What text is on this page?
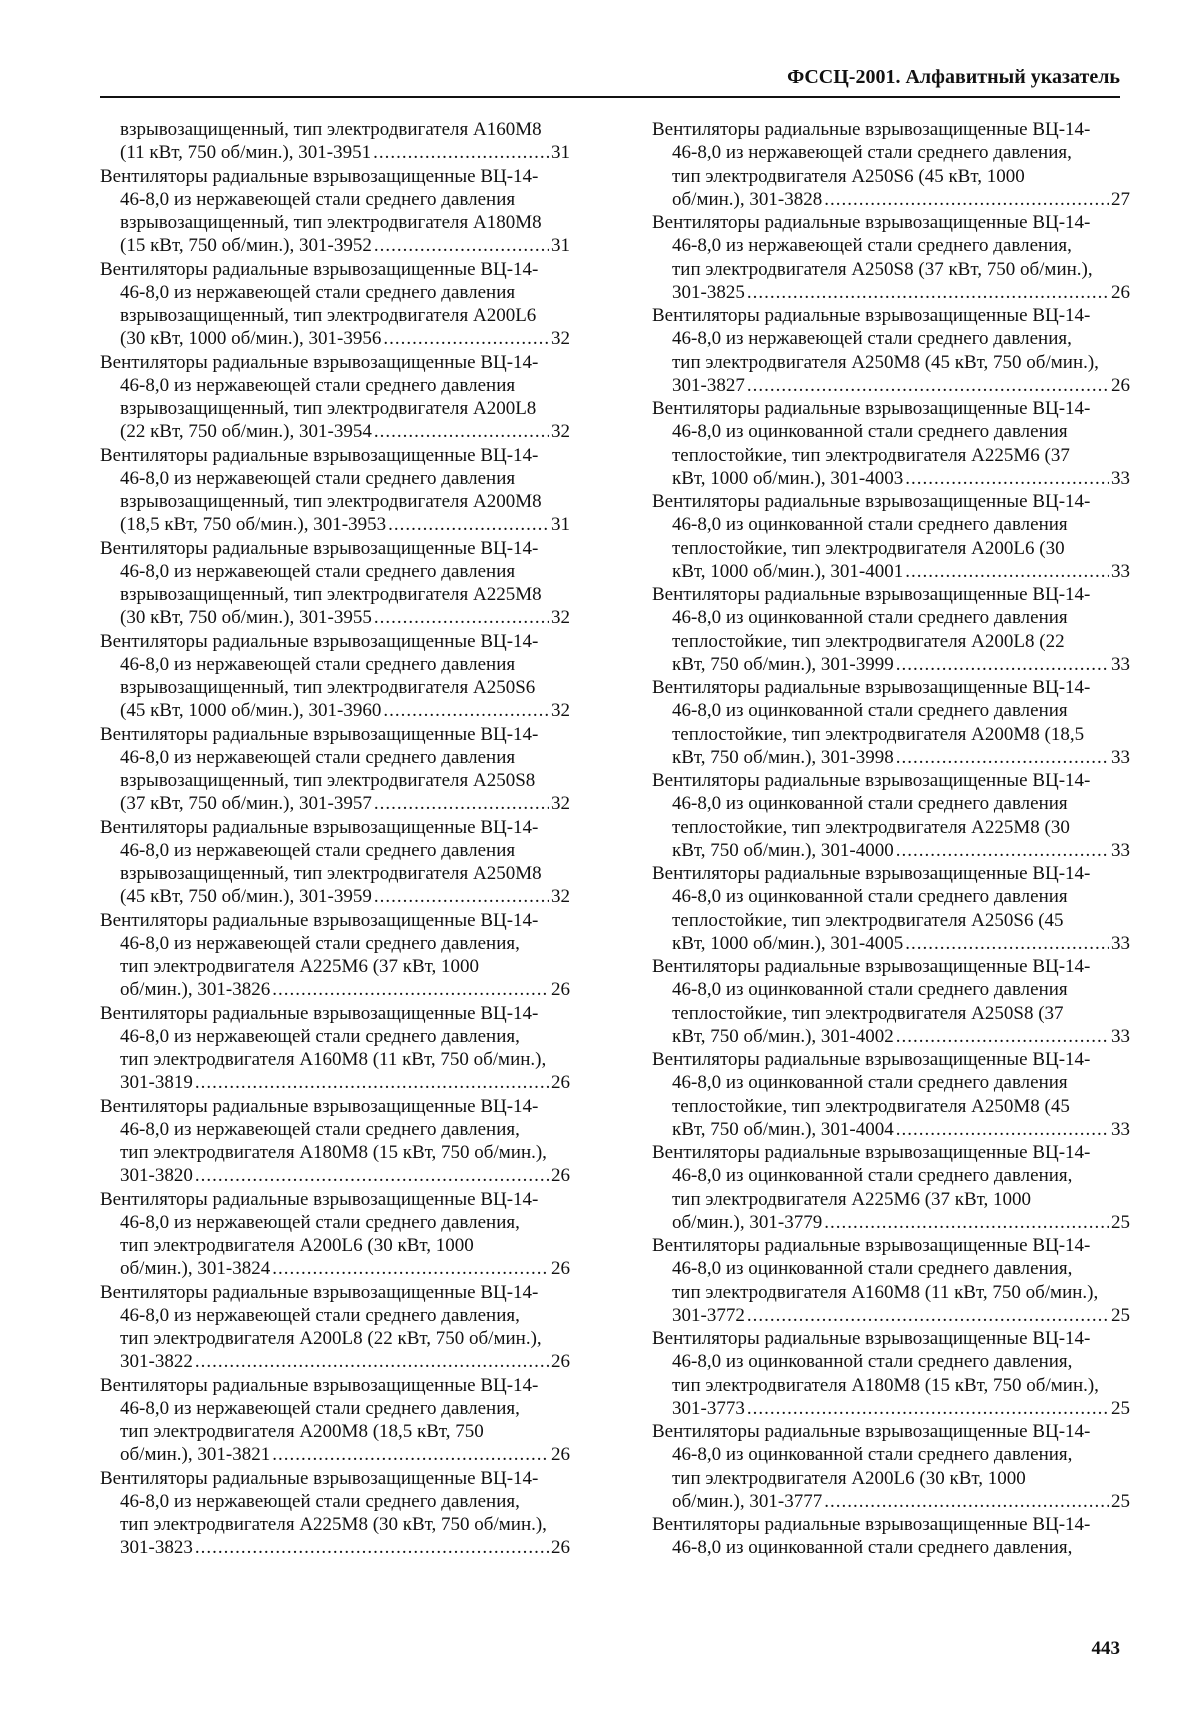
ФССЦ-2001. Алфавитный указатель
взрывозащищенный, тип электродвигателя А160М8
(11 кВт, 750 об/мин.), 301-3951 .....	31
Вентиляторы радиальные взрывозащищенные ВЦ-14-
46-8,0 из нержавеющей стали среднего давления
взрывозащищенный, тип электродвигателя А180М8
(15 кВт, 750 об/мин.), 301-3952 .....	31
Вентиляторы радиальные взрывозащищенные ВЦ-14-
46-8,0 из нержавеющей стали среднего давления
взрывозащищенный, тип электродвигателя А200L6
(30 кВт, 1000 об/мин.), 301-3956 .....	32
Вентиляторы радиальные взрывозащищенные ВЦ-14-
46-8,0 из нержавеющей стали среднего давления
взрывозащищенный, тип электродвигателя А200L8
(22 кВт, 750 об/мин.), 301-3954 .....	32
Вентиляторы радиальные взрывозащищенные ВЦ-14-
46-8,0 из нержавеющей стали среднего давления
взрывозащищенный, тип электродвигателя А200М8
(18,5 кВт, 750 об/мин.), 301-3953 .....	31
Вентиляторы радиальные взрывозащищенные ВЦ-14-
46-8,0 из нержавеющей стали среднего давления
взрывозащищенный, тип электродвигателя А225М8
(30 кВт, 750 об/мин.), 301-3955 .....	32
Вентиляторы радиальные взрывозащищенные ВЦ-14-
46-8,0 из нержавеющей стали среднего давления
взрывозащищенный, тип электродвигателя А250S6
(45 кВт, 1000 об/мин.), 301-3960 .....	32
Вентиляторы радиальные взрывозащищенные ВЦ-14-
46-8,0 из нержавеющей стали среднего давления
взрывозащищенный, тип электродвигателя А250S8
(37 кВт, 750 об/мин.), 301-3957 .....	32
Вентиляторы радиальные взрывозащищенные ВЦ-14-
46-8,0 из нержавеющей стали среднего давления
взрывозащищенный, тип электродвигателя А250М8
(45 кВт, 750 об/мин.), 301-3959 .....	32
Вентиляторы радиальные взрывозащищенные ВЦ-14-
46-8,0 из нержавеющей стали среднего давления,
тип электродвигателя А225М6 (37 кВт, 1000
об/мин.), 301-3826 .....	26
Вентиляторы радиальные взрывозащищенные ВЦ-14-
46-8,0 из нержавеющей стали среднего давления,
тип электродвигателя А160М8 (11 кВт, 750 об/мин.),
301-3819 .....	26
Вентиляторы радиальные взрывозащищенные ВЦ-14-
46-8,0 из нержавеющей стали среднего давления,
тип электродвигателя А180М8 (15 кВт, 750 об/мин.),
301-3820 .....	26
Вентиляторы радиальные взрывозащищенные ВЦ-14-
46-8,0 из нержавеющей стали среднего давления,
тип электродвигателя А200L6 (30 кВт, 1000
об/мин.), 301-3824 .....	26
Вентиляторы радиальные взрывозащищенные ВЦ-14-
46-8,0 из нержавеющей стали среднего давления,
тип электродвигателя А200L8 (22 кВт, 750 об/мин.),
301-3822 .....	26
Вентиляторы радиальные взрывозащищенные ВЦ-14-
46-8,0 из нержавеющей стали среднего давления,
тип электродвигателя А200М8 (18,5 кВт, 750
об/мин.), 301-3821 .....	26
Вентиляторы радиальные взрывозащищенные ВЦ-14-
46-8,0 из нержавеющей стали среднего давления,
тип электродвигателя А225М8 (30 кВт, 750 об/мин.),
301-3823 .....	26
Вентиляторы радиальные взрывозащищенные ВЦ-14-
46-8,0 из нержавеющей стали среднего давления,
тип электродвигателя А250S6 (45 кВт, 1000
об/мин.), 301-3828 .....	27
Вентиляторы радиальные взрывозащищенные ВЦ-14-
46-8,0 из нержавеющей стали среднего давления,
тип электродвигателя А250S8 (37 кВт, 750 об/мин.),
301-3825 .....	26
Вентиляторы радиальные взрывозащищенные ВЦ-14-
46-8,0 из нержавеющей стали среднего давления,
тип электродвигателя А250М8 (45 кВт, 750 об/мин.),
301-3827 .....	26
Вентиляторы радиальные взрывозащищенные ВЦ-14-
46-8,0 из оцинкованной стали среднего давления
теплостойкие, тип электродвигателя А225М6 (37
кВт, 1000 об/мин.), 301-4003 .....	33
Вентиляторы радиальные взрывозащищенные ВЦ-14-
46-8,0 из оцинкованной стали среднего давления
теплостойкие, тип электродвигателя А200L6 (30
кВт, 1000 об/мин.), 301-4001 .....	33
Вентиляторы радиальные взрывозащищенные ВЦ-14-
46-8,0 из оцинкованной стали среднего давления
теплостойкие, тип электродвигателя А200L8 (22
кВт, 750 об/мин.), 301-3999 .....	33
Вентиляторы радиальные взрывозащищенные ВЦ-14-
46-8,0 из оцинкованной стали среднего давления
теплостойкие, тип электродвигателя А200М8 (18,5
кВт, 750 об/мин.), 301-3998 .....	33
Вентиляторы радиальные взрывозащищенные ВЦ-14-
46-8,0 из оцинкованной стали среднего давления
теплостойкие, тип электродвигателя А225М8 (30
кВт, 750 об/мин.), 301-4000 .....	33
Вентиляторы радиальные взрывозащищенные ВЦ-14-
46-8,0 из оцинкованной стали среднего давления
теплостойкие, тип электродвигателя А250S6 (45
кВт, 1000 об/мин.), 301-4005 .....	33
Вентиляторы радиальные взрывозащищенные ВЦ-14-
46-8,0 из оцинкованной стали среднего давления
теплостойкие, тип электродвигателя А250S8 (37
кВт, 750 об/мин.), 301-4002 .....	33
Вентиляторы радиальные взрывозащищенные ВЦ-14-
46-8,0 из оцинкованной стали среднего давления
теплостойкие, тип электродвигателя А250М8 (45
кВт, 750 об/мин.), 301-4004 .....	33
Вентиляторы радиальные взрывозащищенные ВЦ-14-
46-8,0 из оцинкованной стали среднего давления,
тип электродвигателя А225М6 (37 кВт, 1000
об/мин.), 301-3779 .....	25
Вентиляторы радиальные взрывозащищенные ВЦ-14-
46-8,0 из оцинкованной стали среднего давления,
тип электродвигателя А160М8 (11 кВт, 750 об/мин.),
301-3772 .....	25
Вентиляторы радиальные взрывозащищенные ВЦ-14-
46-8,0 из оцинкованной стали среднего давления,
тип электродвигателя А180М8 (15 кВт, 750 об/мин.),
301-3773 .....	25
Вентиляторы радиальные взрывозащищенные ВЦ-14-
46-8,0 из оцинкованной стали среднего давления,
тип электродвигателя А200L6 (30 кВт, 1000
об/мин.), 301-3777 .....	25
Вентиляторы радиальные взрывозащищенные ВЦ-14-
46-8,0 из оцинкованной стали среднего давления,
443
